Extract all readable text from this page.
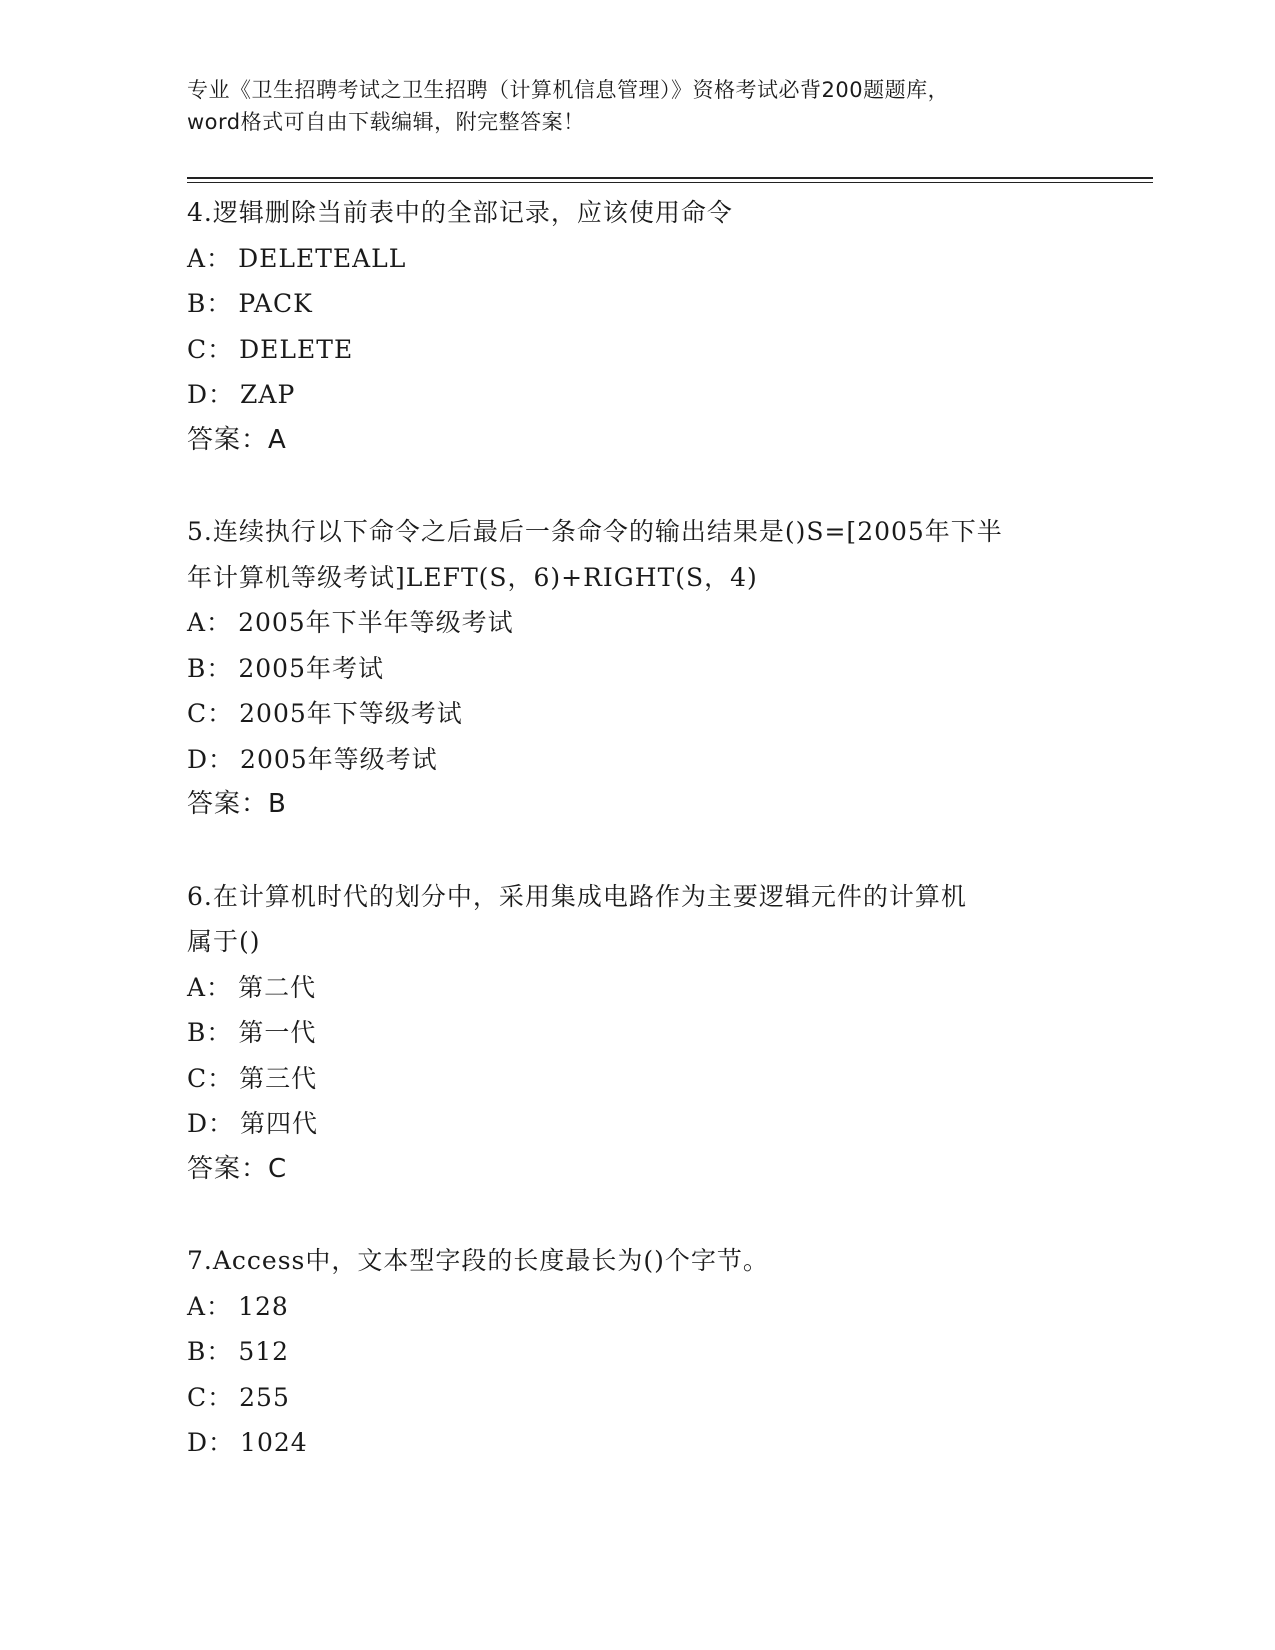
专业《卫生招聘考试之卫生招聘（计算机信息管理）》资格考试必背200题题库，
word格式可自由下载编辑，附完整答案！
4.逻辑删除当前表中的全部记录，应该使用命令
A： DELETEALL
B： PACK
C： DELETE
D： ZAP
答案：A
5.连续执行以下命令之后最后一条命令的输出结果是()S=[2005年下半
年计算机等级考试]LEFT(S，6)+RIGHT(S，4)
A： 2005年下半年等级考试
B： 2005年考试
C： 2005年下等级考试
D： 2005年等级考试
答案：B
6.在计算机时代的划分中，采用集成电路作为主要逻辑元件的计算机
属于()
A： 第二代
B： 第一代
C： 第三代
D： 第四代
答案：C
7.Access中，文本型字段的长度最长为()个字节。
A： 128
B： 512
C： 255
D： 1024
